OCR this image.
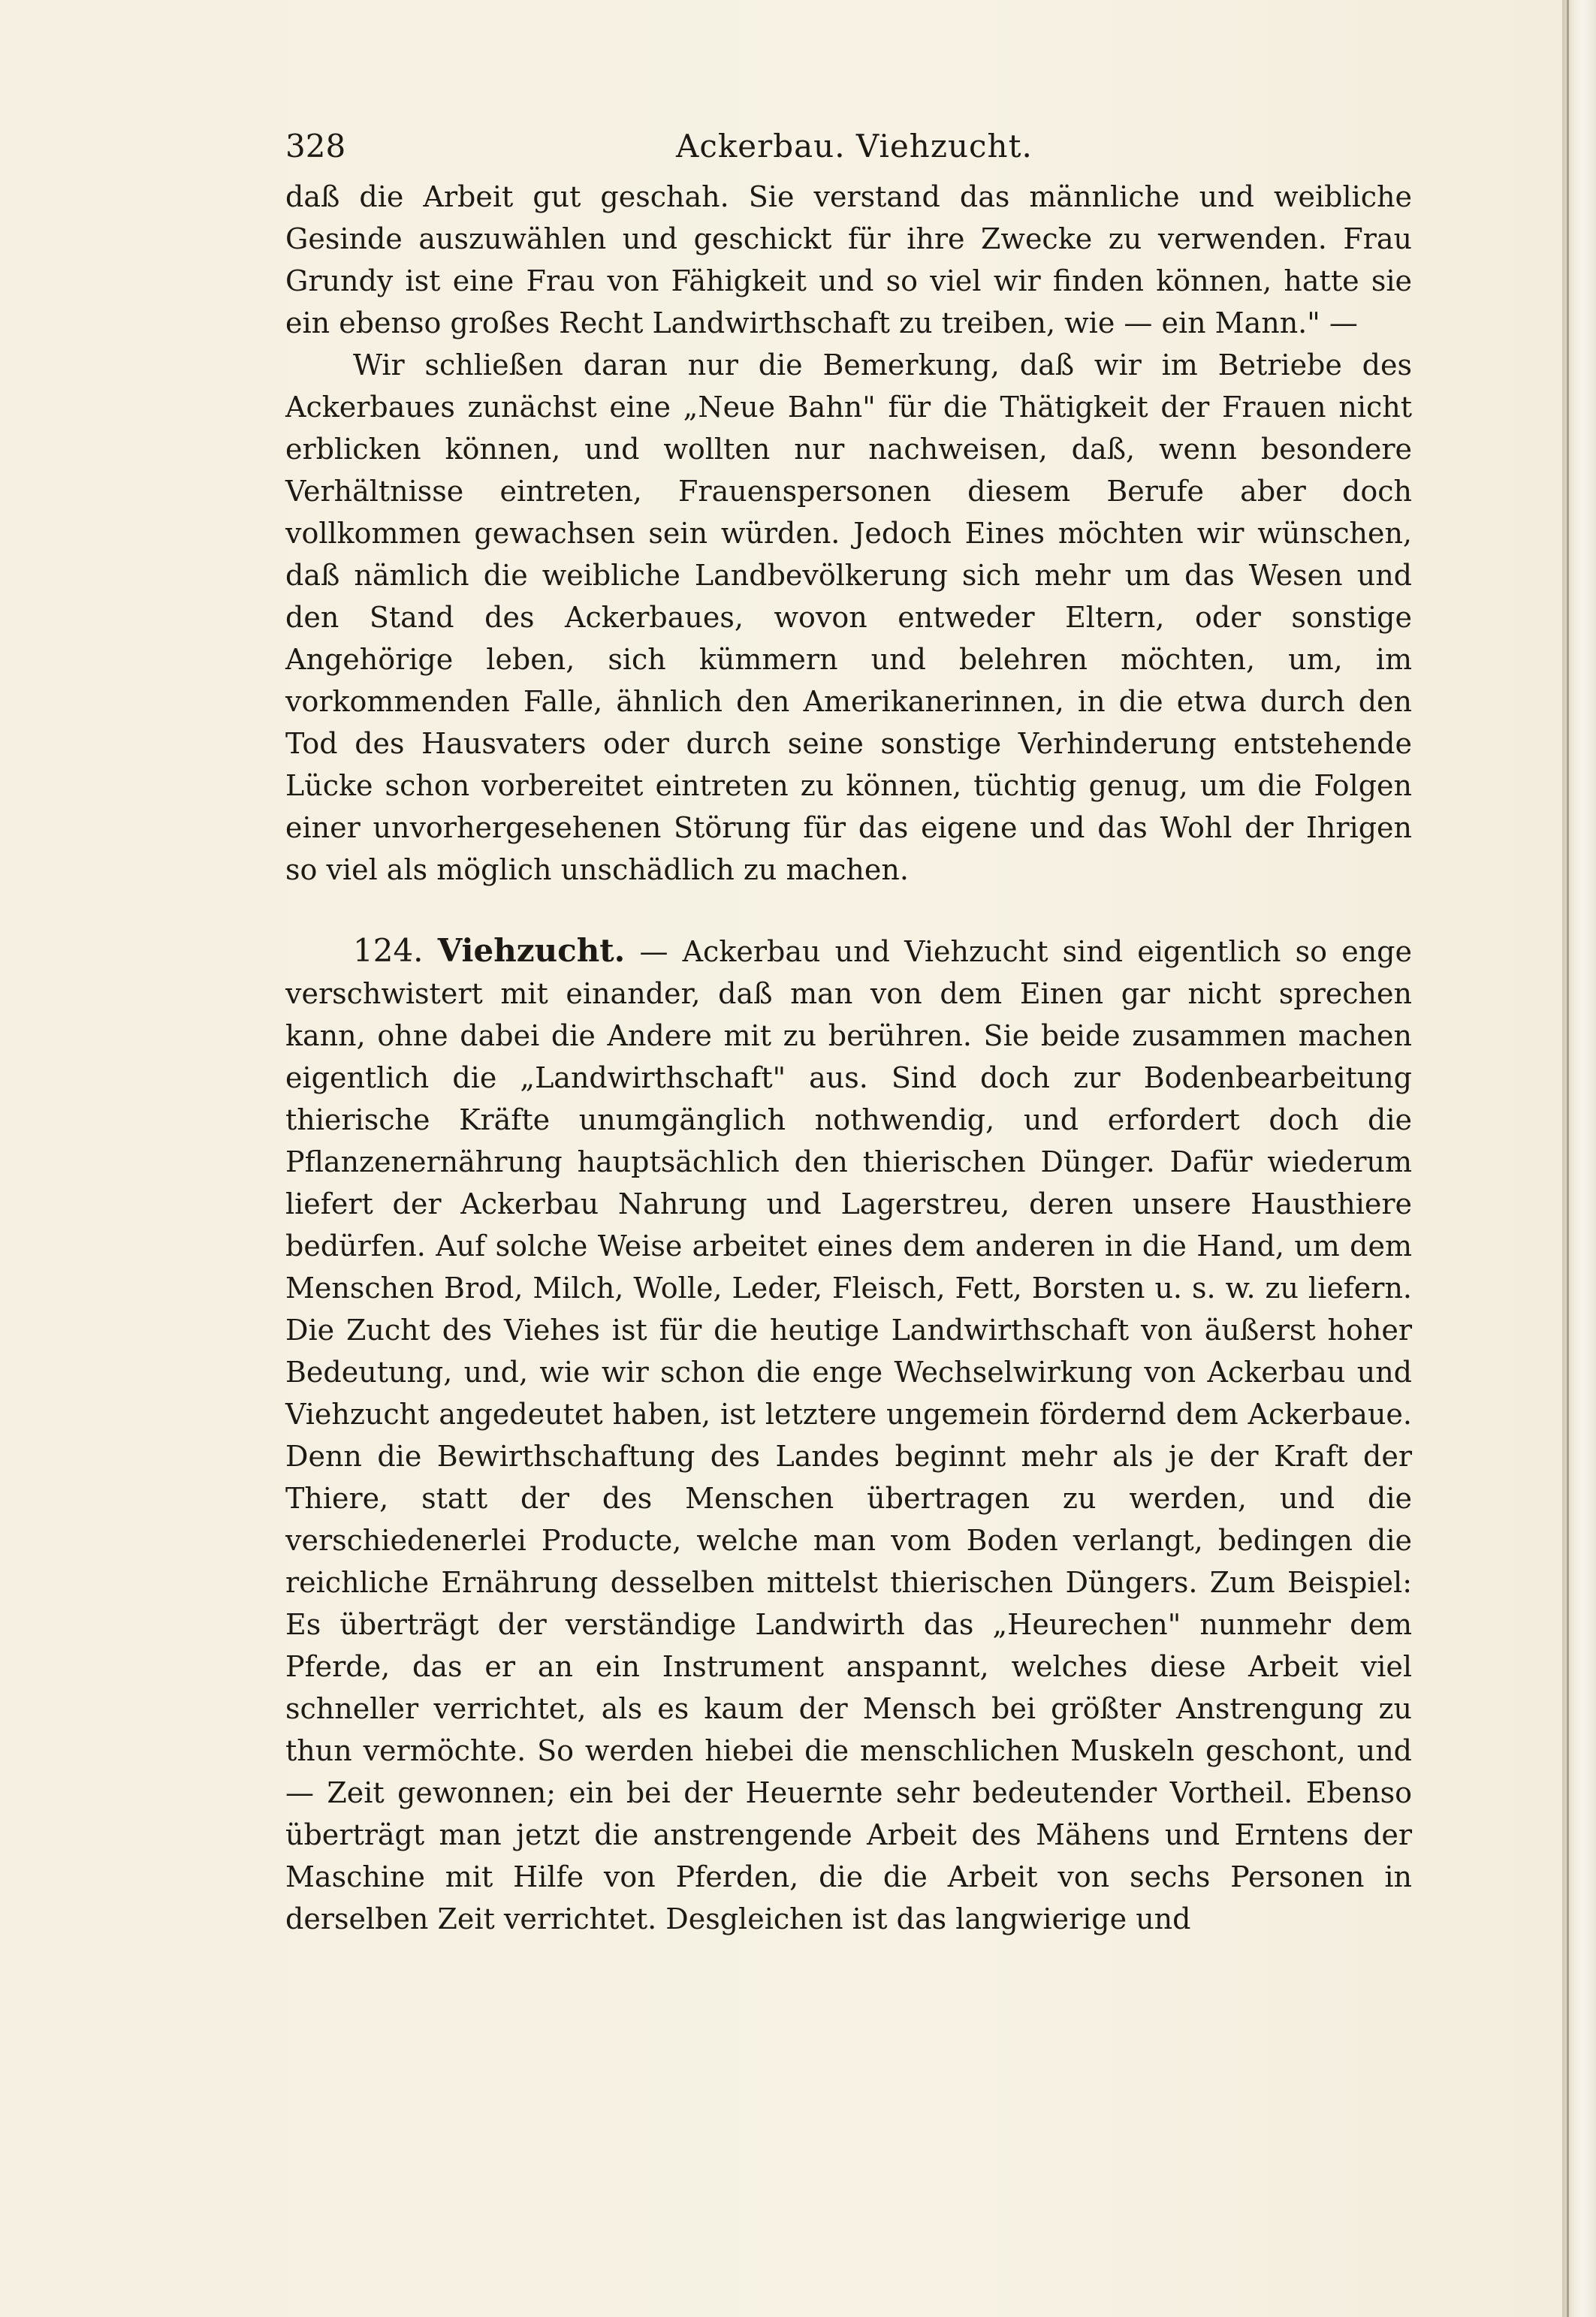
328	Ackerbau. Viehzucht.

daß die Arbeit gut geschah. Sie verstand das männliche und weibliche Gesinde auszuwählen und geschickt für ihre Zwecke zu verwenden. Frau Grundy ist eine Frau von Fähigkeit und so viel wir finden können, hatte sie ein ebenso großes Recht Landwirthschaft zu treiben, wie — ein Mann." —

Wir schließen daran nur die Bemerkung, daß wir im Betriebe des Ackerbaues zunächst eine „Neue Bahn" für die Thätigkeit der Frauen nicht erblicken können, und wollten nur nachweisen, daß, wenn besondere Verhältnisse eintreten, Frauenspersonen diesem Berufe aber doch vollkommen gewachsen sein würden. Jedoch Eines möchten wir wünschen, daß nämlich die weibliche Landbevölkerung sich mehr um das Wesen und den Stand des Ackerbaues, wovon entweder Eltern, oder sonstige Angehörige leben, sich kümmern und belehren möchten, um, im vorkommenden Falle, ähnlich den Amerikanerinnen, in die etwa durch den Tod des Hausvaters oder durch seine sonstige Verhinderung entstehende Lücke schon vorbereitet eintreten zu können, tüchtig genug, um die Folgen einer unvorhergesehenen Störung für das eigene und das Wohl der Ihrigen so viel als möglich unschädlich zu machen.

124. Viehzucht. — Ackerbau und Viehzucht sind eigentlich so enge verschwistert mit einander, daß man von dem Einen gar nicht sprechen kann, ohne dabei die Andere mit zu berühren. Sie beide zusammen machen eigentlich die „Landwirthschaft" aus. Sind doch zur Bodenbearbeitung thierische Kräfte unumgänglich nothwendig, und erfordert doch die Pflanzenernährung hauptsächlich den thierischen Dünger. Dafür wiederum liefert der Ackerbau Nahrung und Lagerstreu, deren unsere Hausthiere bedürfen. Auf solche Weise arbeitet eines dem anderen in die Hand, um dem Menschen Brod, Milch, Wolle, Leder, Fleisch, Fett, Borsten u. s. w. zu liefern. Die Zucht des Viehes ist für die heutige Landwirthschaft von äußerst hoher Bedeutung, und, wie wir schon die enge Wechselwirkung von Ackerbau und Viehzucht angedeutet haben, ist letztere ungemein fördernd dem Ackerbaue. Denn die Bewirthschaftung des Landes beginnt mehr als je der Kraft der Thiere, statt der des Menschen übertragen zu werden, und die verschiedenerlei Producte, welche man vom Boden verlangt, bedingen die reichliche Ernährung desselben mittelst thierischen Düngers. Zum Beispiel: Es überträgt der verständige Landwirth das „Heurechen" nunmehr dem Pferde, das er an ein Instrument anspannt, welches diese Arbeit viel schneller verrichtet, als es kaum der Mensch bei größter Anstrengung zu thun vermöchte. So werden hiebei die menschlichen Muskeln geschont, und — Zeit gewonnen; ein bei der Heuernte sehr bedeutender Vortheil. Ebenso überträgt man jetzt die anstrengende Arbeit des Mähens und Erntens der Maschine mit Hilfe von Pferden, die die Arbeit von sechs Personen in derselben Zeit verrichtet. Desgleichen ist das langwierige und
